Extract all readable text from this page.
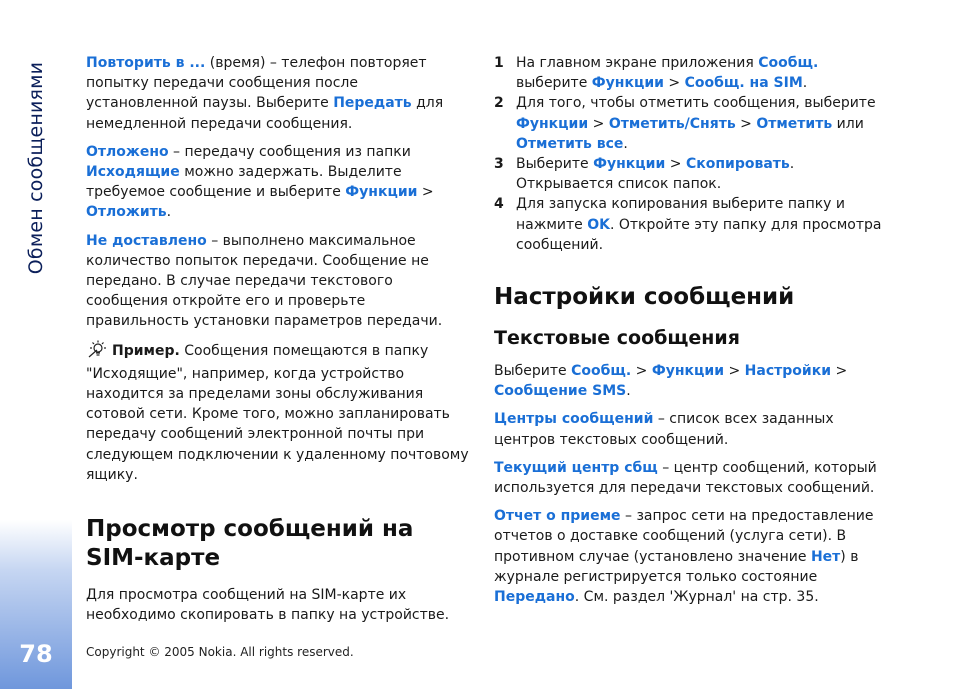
Обмен сообщениями
78

Повторить в ... (время) – телефон повторяет попытку передачи сообщения после установленной паузы. Выберите Передать для немедленной передачи сообщения.

Отложено – передачу сообщения из папки Исходящие можно задержать. Выделите требуемое сообщение и выберите Функции > Отложить.

Не доставлено – выполнено максимальное количество попыток передачи. Сообщение не передано. В случае передачи текстового сообщения откройте его и проверьте правильность установки параметров передачи.

Пример. Сообщения помещаются в папку "Исходящие", например, когда устройство находится за пределами зоны обслуживания сотовой сети. Кроме того, можно запланировать передачу сообщений электронной почты при следующем подключении к удаленному почтовому ящику.

Просмотр сообщений на SIM-карте

Для просмотра сообщений на SIM-карте их необходимо скопировать в папку на устройстве.

1 На главном экране приложения Сообщ. выберите Функции > Сообщ. на SIM.
2 Для того, чтобы отметить сообщения, выберите Функции > Отметить/Снять > Отметить или Отметить все.
3 Выберите Функции > Скопировать. Открывается список папок.
4 Для запуска копирования выберите папку и нажмите OK. Откройте эту папку для просмотра сообщений.
Настройки сообщений
Текстовые сообщения

Выберите Сообщ. > Функции > Настройки > Сообщение SMS.

Центры сообщений – список всех заданных центров текстовых сообщений.

Текущий центр сбщ – центр сообщений, который используется для передачи текстовых сообщений.

Отчет о приеме – запрос сети на предоставление отчетов о доставке сообщений (услуга сети). В противном случае (установлено значение Нет) в журнале регистрируется только состояние Передано. См. раздел 'Журнал' на стр. 35.

Copyright © 2005 Nokia. All rights reserved.
